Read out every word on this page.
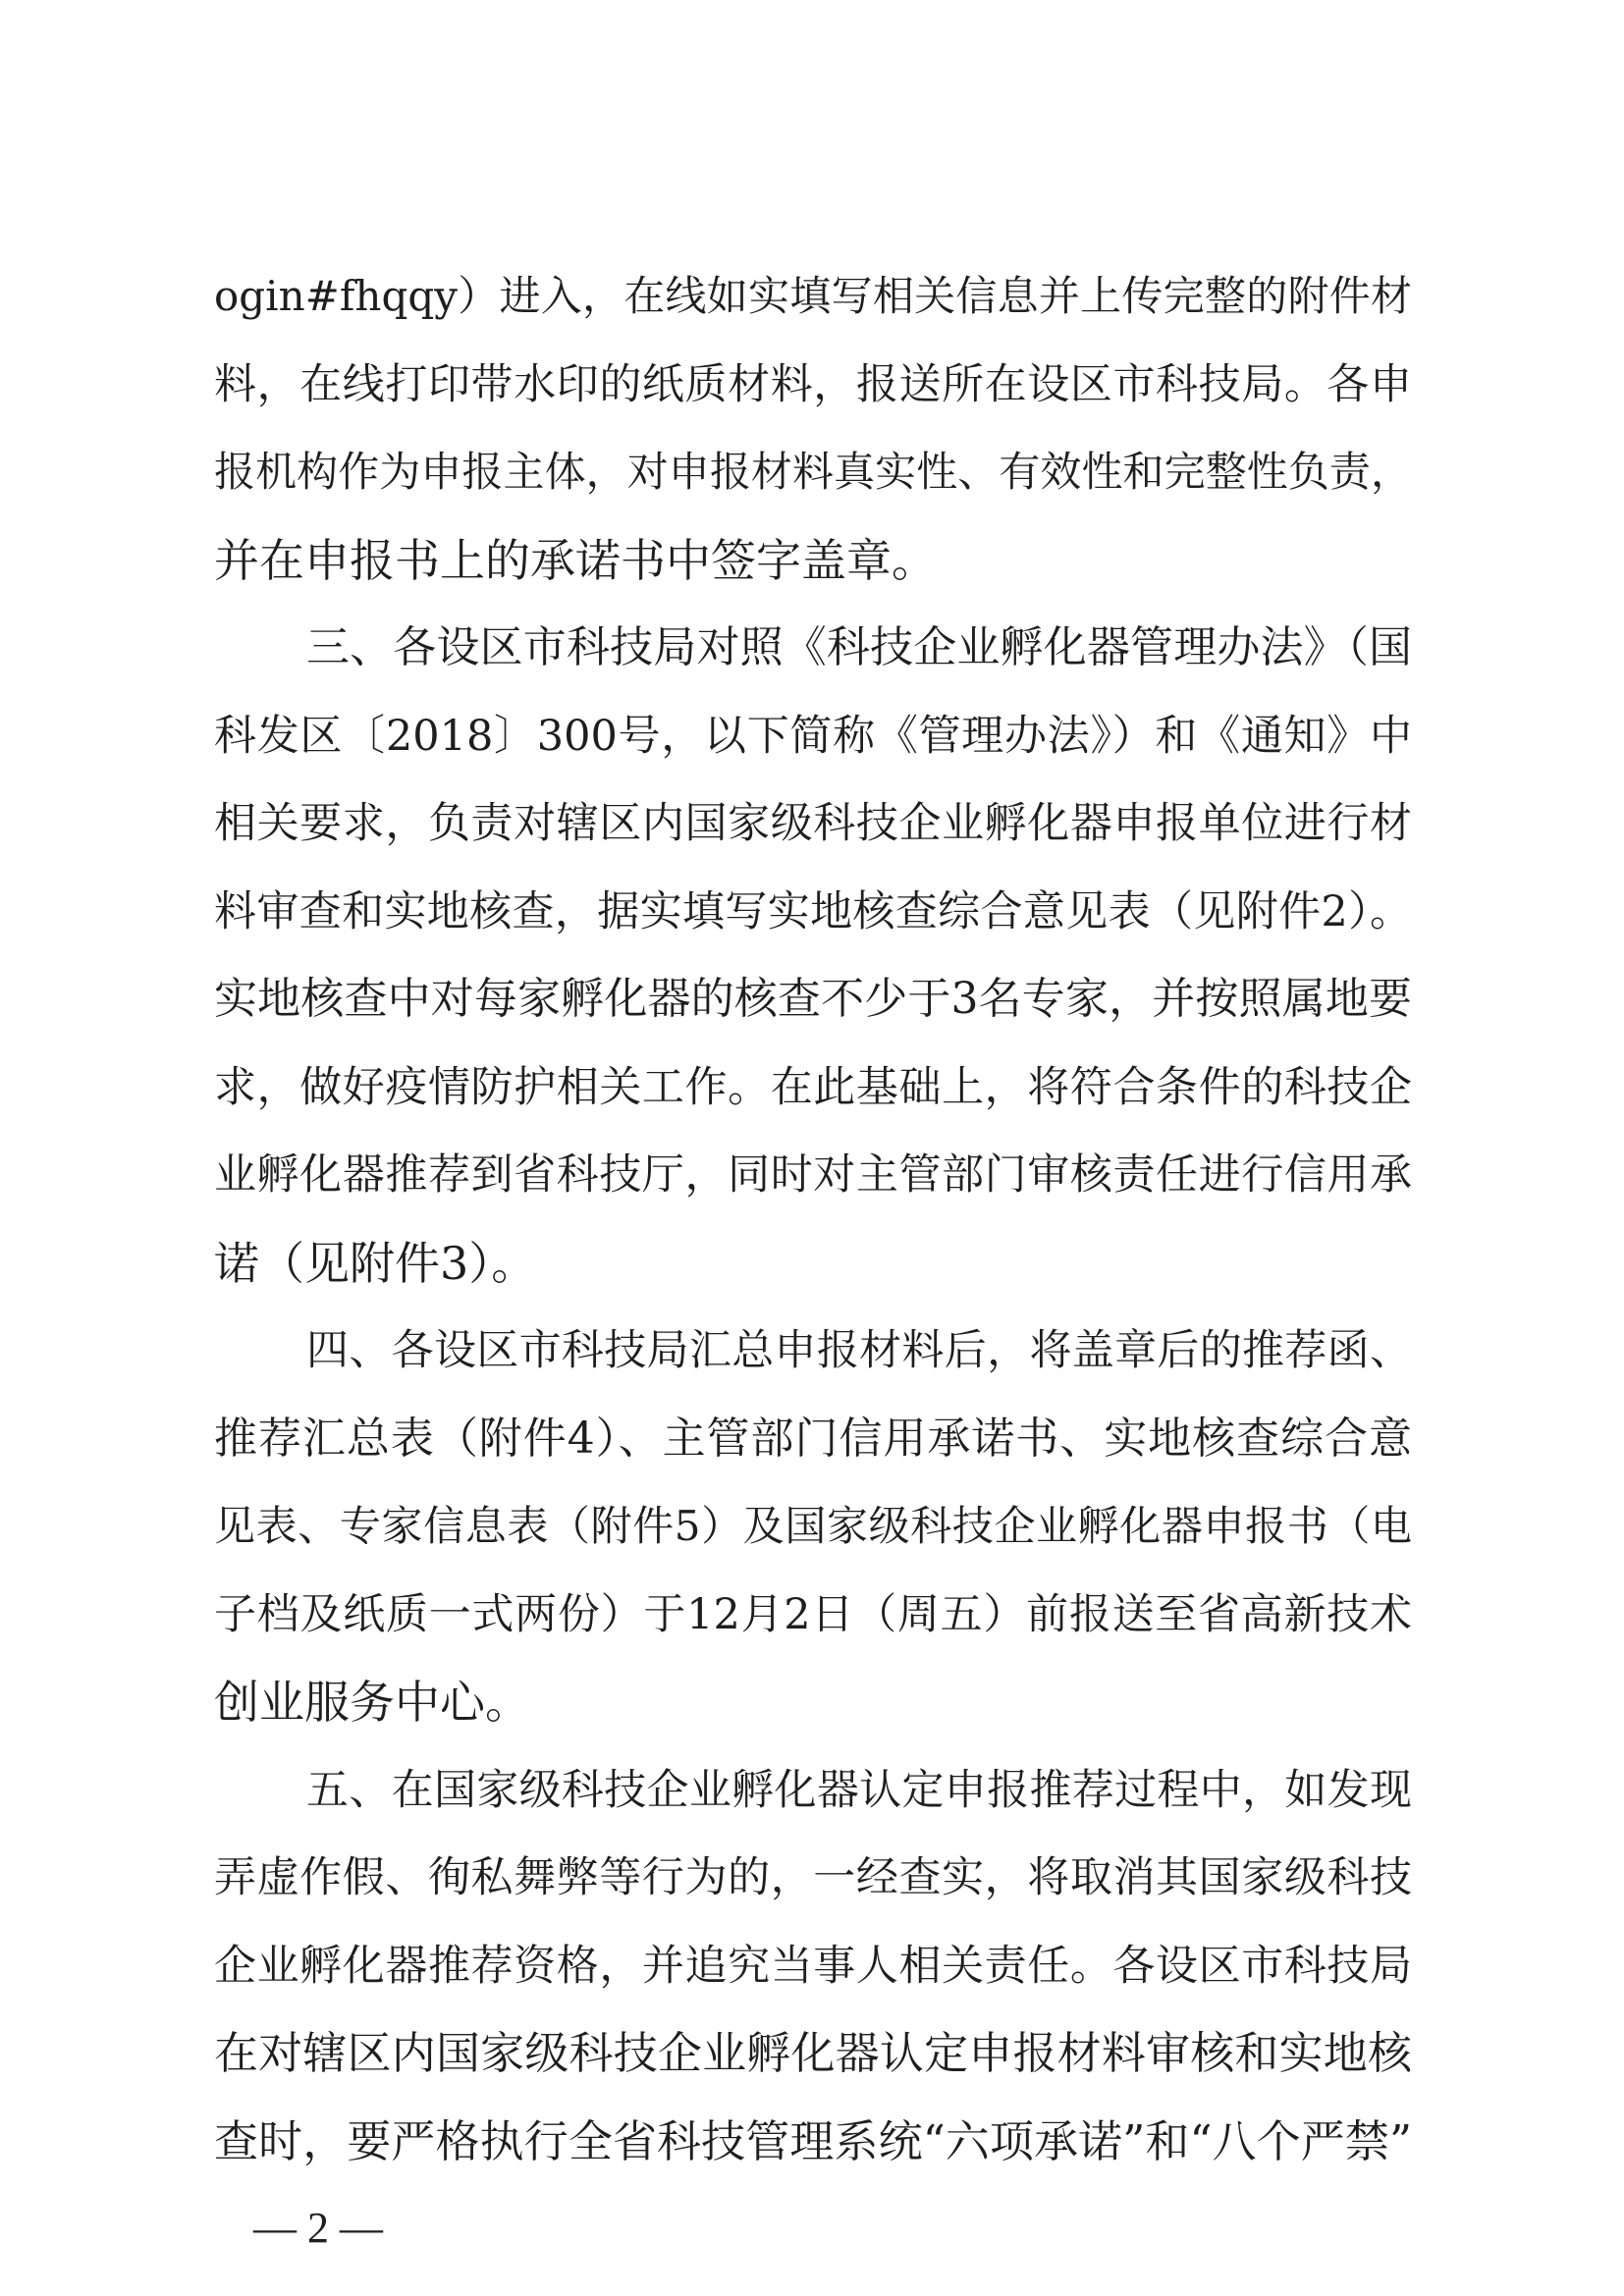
ogin#fhqqy）进入，在线如实填写相关信息并上传完整的附件材
料，在线打印带水印的纸质材料，报送所在设区市科技局。各申
报机构作为申报主体，对申报材料真实性、有效性和完整性负责，
并在申报书上的承诺书中签字盖章。
三、各设区市科技局对照《科技企业孵化器管理办法》（国
科发区〔2018〕300号，以下简称《管理办法》）和《通知》中
相关要求，负责对辖区内国家级科技企业孵化器申报单位进行材
料审查和实地核查，据实填写实地核查综合意见表（见附件2）。
实地核查中对每家孵化器的核查不少于3名专家，并按照属地要
求，做好疫情防护相关工作。在此基础上，将符合条件的科技企
业孵化器推荐到省科技厅，同时对主管部门审核责任进行信用承
诺（见附件3）。
四、各设区市科技局汇总申报材料后，将盖章后的推荐函、
推荐汇总表（附件4）、主管部门信用承诺书、实地核查综合意
见表、专家信息表（附件5）及国家级科技企业孵化器申报书（电
子档及纸质一式两份）于12月2日（周五）前报送至省高新技术
创业服务中心。
五、在国家级科技企业孵化器认定申报推荐过程中，如发现
弄虚作假、徇私舞弊等行为的，一经查实，将取消其国家级科技
企业孵化器推荐资格，并追究当事人相关责任。各设区市科技局
在对辖区内国家级科技企业孵化器认定申报材料审核和实地核
查时，要严格执行全省科技管理系统“六项承诺”和“八个严禁”
— 2 —
